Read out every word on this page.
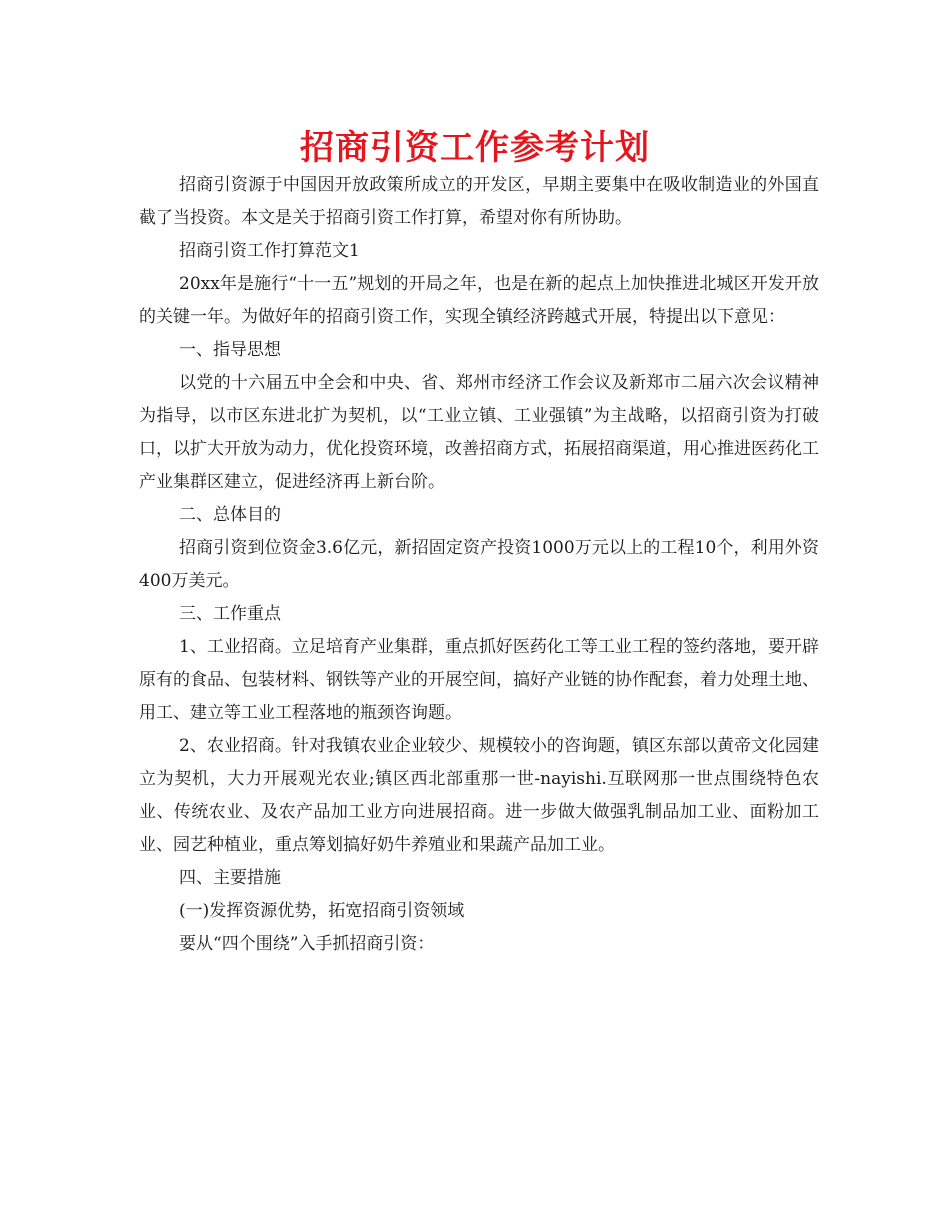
招商引资工作参考计划

招商引资源于中国因开放政策所成立的开发区，早期主要集中在吸收制造业的外国直截了当投资。本文是关于招商引资工作打算，希望对你有所协助。

招商引资工作打算范文1

20xx年是施行“十一五”规划的开局之年，也是在新的起点上加快推进北城区开发开放的关键一年。为做好年的招商引资工作，实现全镇经济跨越式开展，特提出以下意见：

一、指导思想

以党的十六届五中全会和中央、省、郑州市经济工作会议及新郑市二届六次会议精神为指导，以市区东进北扩为契机，以“工业立镇、工业强镇”为主战略，以招商引资为打破口，以扩大开放为动力，优化投资环境，改善招商方式，拓展招商渠道，用心推进医药化工产业集群区建立，促进经济再上新台阶。

二、总体目的

招商引资到位资金3.6亿元，新招固定资产投资1000万元以上的工程10个，利用外资400万美元。

三、工作重点

1、工业招商。立足培育产业集群，重点抓好医药化工等工业工程的签约落地，要开辟原有的食品、包装材料、钢铁等产业的开展空间，搞好产业链的协作配套，着力处理土地、用工、建立等工业工程落地的瓶颈咨询题。

2、农业招商。针对我镇农业企业较少、规模较小的咨询题，镇区东部以黄帝文化园建立为契机，大力开展观光农业;镇区西北部重那一世-nayishi.互联网那一世点围绕特色农业、传统农业、及农产品加工业方向进展招商。进一步做大做强乳制品加工业、面粉加工业、园艺种植业，重点筹划搞好奶牛养殖业和果蔬产品加工业。

四、主要措施

(一)发挥资源优势，拓宽招商引资领域

要从“四个围绕”入手抓招商引资：
